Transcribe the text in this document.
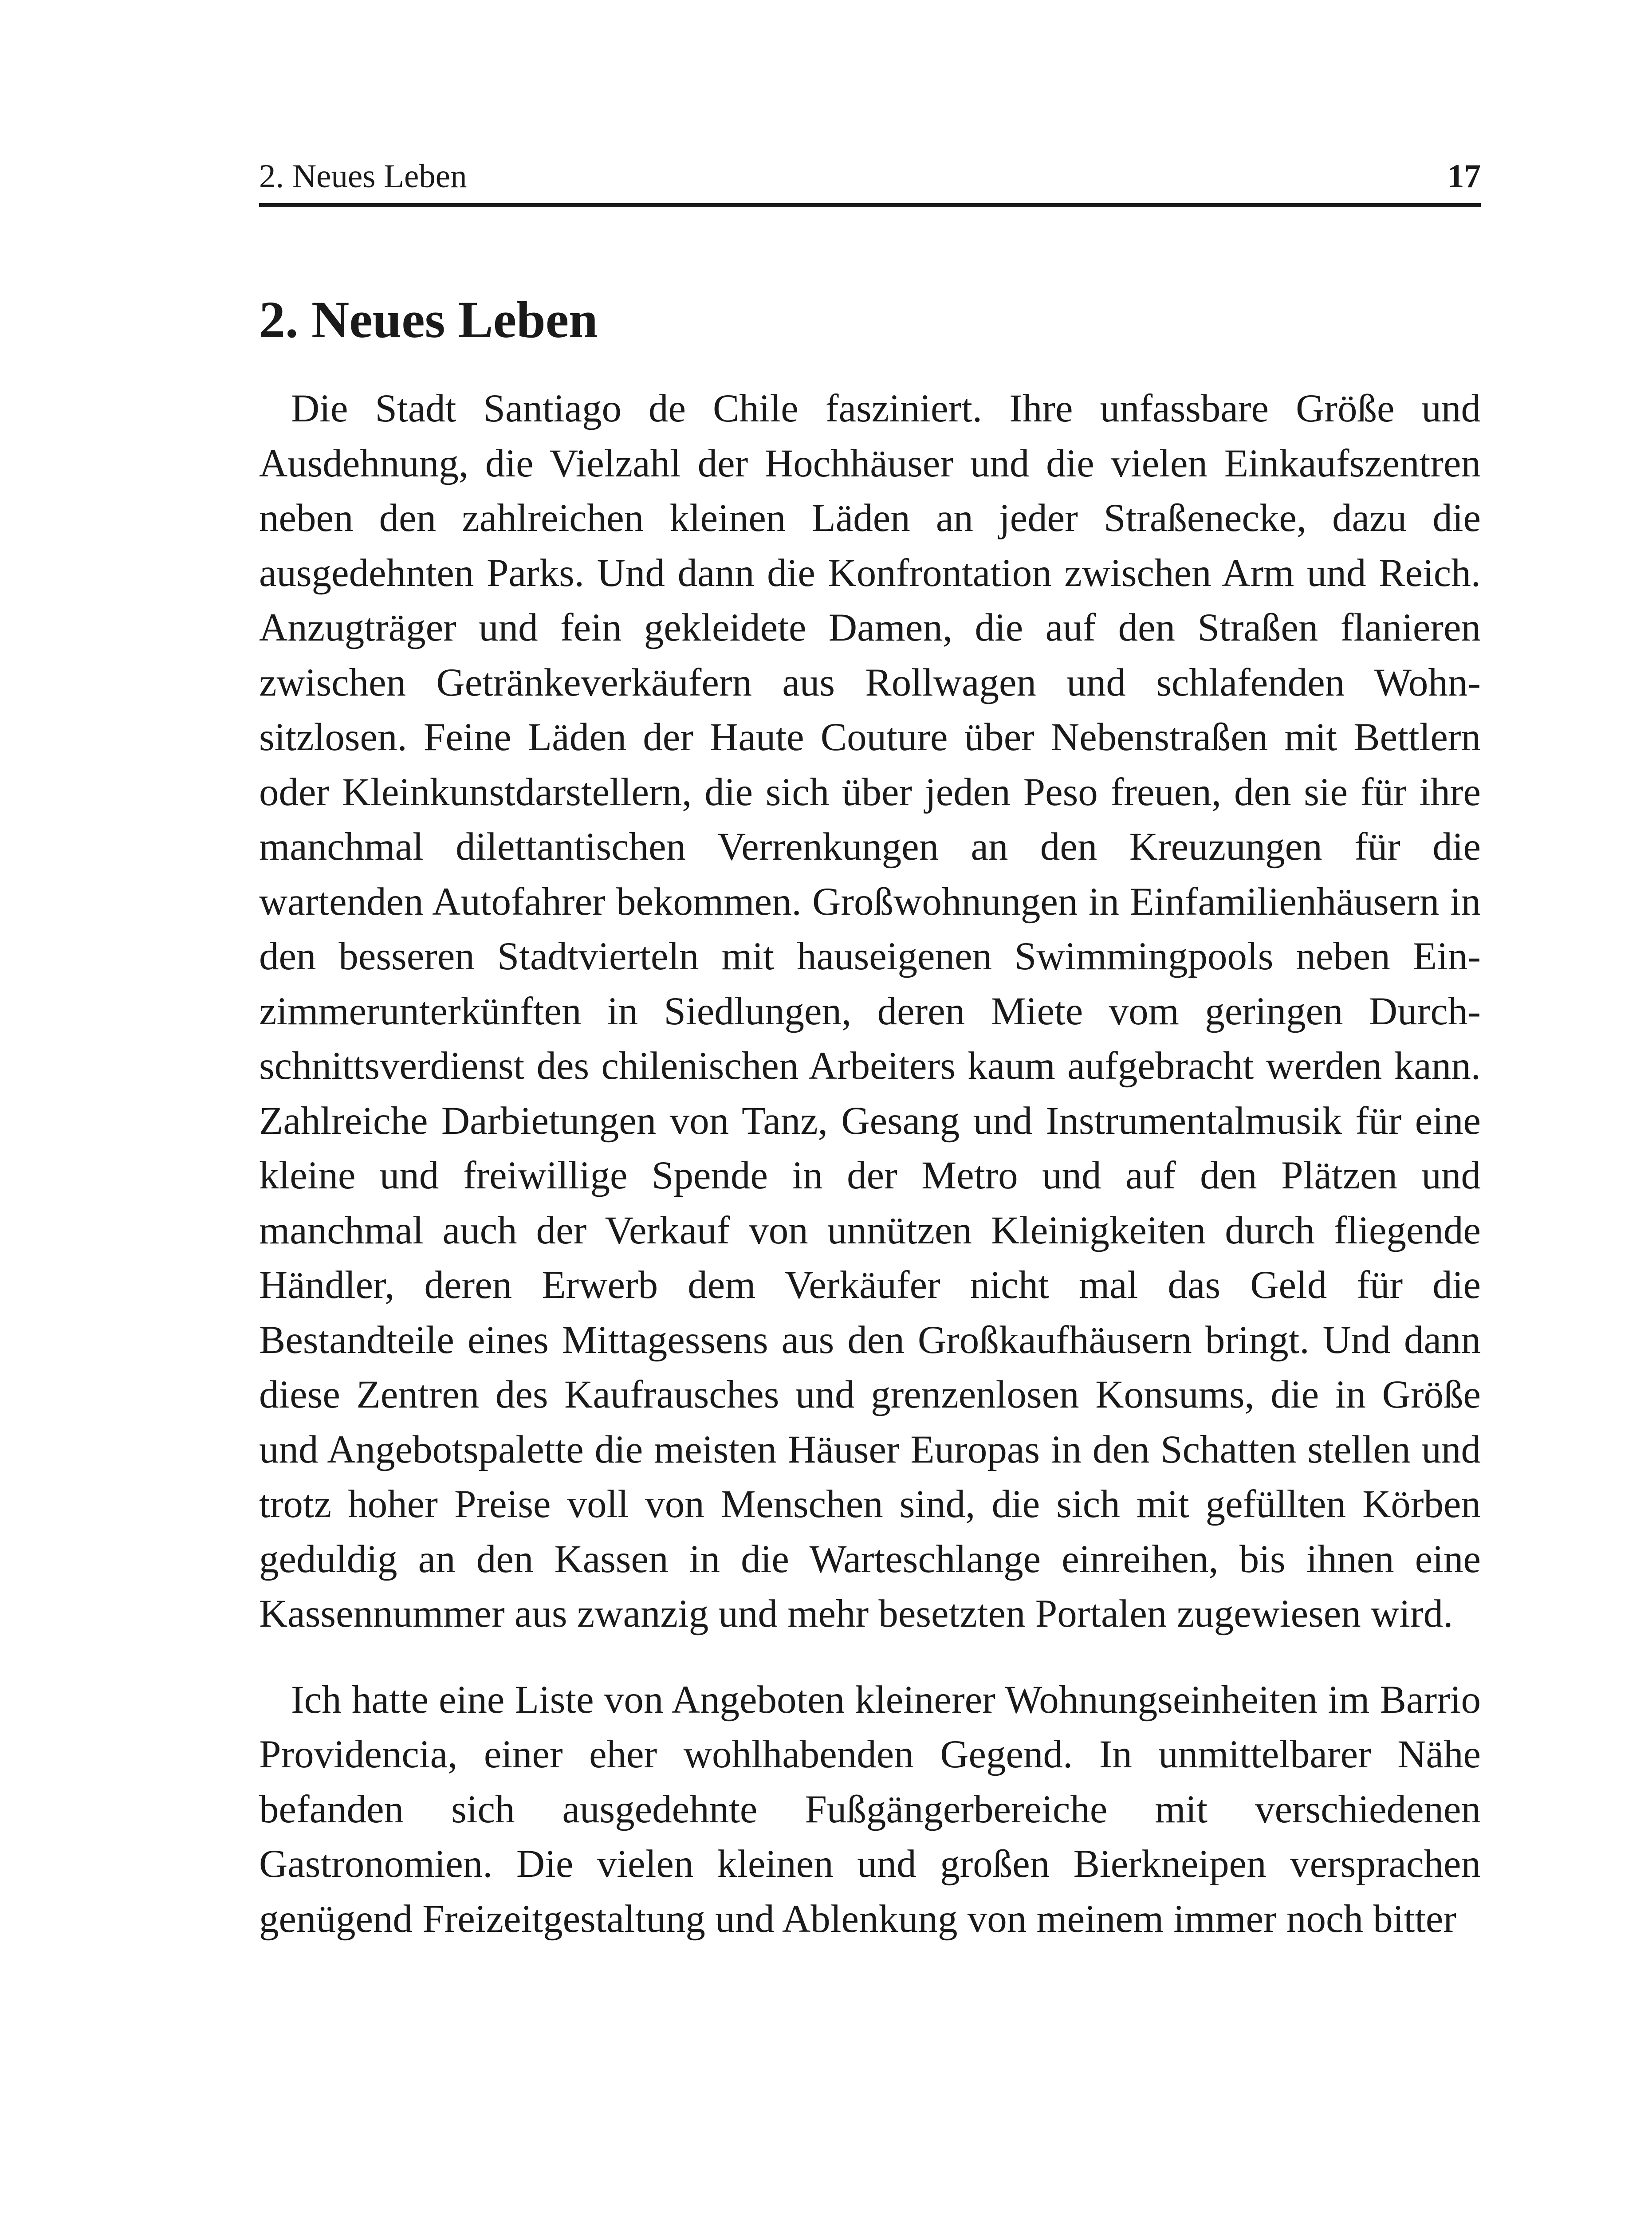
2. Neues Leben	17
2. Neues Leben

Die Stadt Santiago de Chile fasziniert. Ihre unfassbare Größe und Ausdehnung, die Vielzahl der Hochhäuser und die vielen Einkaufszentren neben den zahlreichen kleinen Läden an jeder Straßenecke, dazu die ausgedehnten Parks. Und dann die Konfrontation zwischen Arm und Reich. Anzugträger und fein gekleidete Damen, die auf den Straßen flanieren zwischen Getränkeverkäufern aus Rollwagen und schlafenden Wohnsitzlosen. Feine Läden der Haute Couture über Nebenstraßen mit Bettlern oder Kleinkunstdarstellern, die sich über jeden Peso freuen, den sie für ihre manchmal dilettantischen Verrenkungen an den Kreuzungen für die wartenden Autofahrer bekommen. Großwohnungen in Einfamilienhäusern in den besseren Stadtvierteln mit hauseigenen Swimmingpools neben Einzimmerunterkünften in Siedlungen, deren Miete vom geringen Durchschnittsverdienst des chilenischen Arbeiters kaum aufgebracht werden kann. Zahlreiche Darbietungen von Tanz, Gesang und Instrumentalmusik für eine kleine und freiwillige Spende in der Metro und auf den Plätzen und manchmal auch der Verkauf von unnützen Kleinigkeiten durch fliegende Händler, deren Erwerb dem Verkäufer nicht mal das Geld für die Bestandteile eines Mittagessens aus den Großkaufhäusern bringt. Und dann diese Zentren des Kaufrausches und grenzenlosen Konsums, die in Größe und Angebotspalette die meisten Häuser Europas in den Schatten stellen und trotz hoher Preise voll von Menschen sind, die sich mit gefüllten Körben geduldig an den Kassen in die Warteschlange einreihen, bis ihnen eine Kassennummer aus zwanzig und mehr besetzten Portalen zugewiesen wird.

Ich hatte eine Liste von Angeboten kleinerer Wohnungseinheiten im Barrio Providencia, einer eher wohlhabenden Gegend. In unmittelbarer Nähe befanden sich ausgedehnte Fußgängerbereiche mit verschiedenen Gastronomien. Die vielen kleinen und großen Bierkneipen versprachen genügend Freizeitgestaltung und Ablenkung von meinem immer noch bitter
